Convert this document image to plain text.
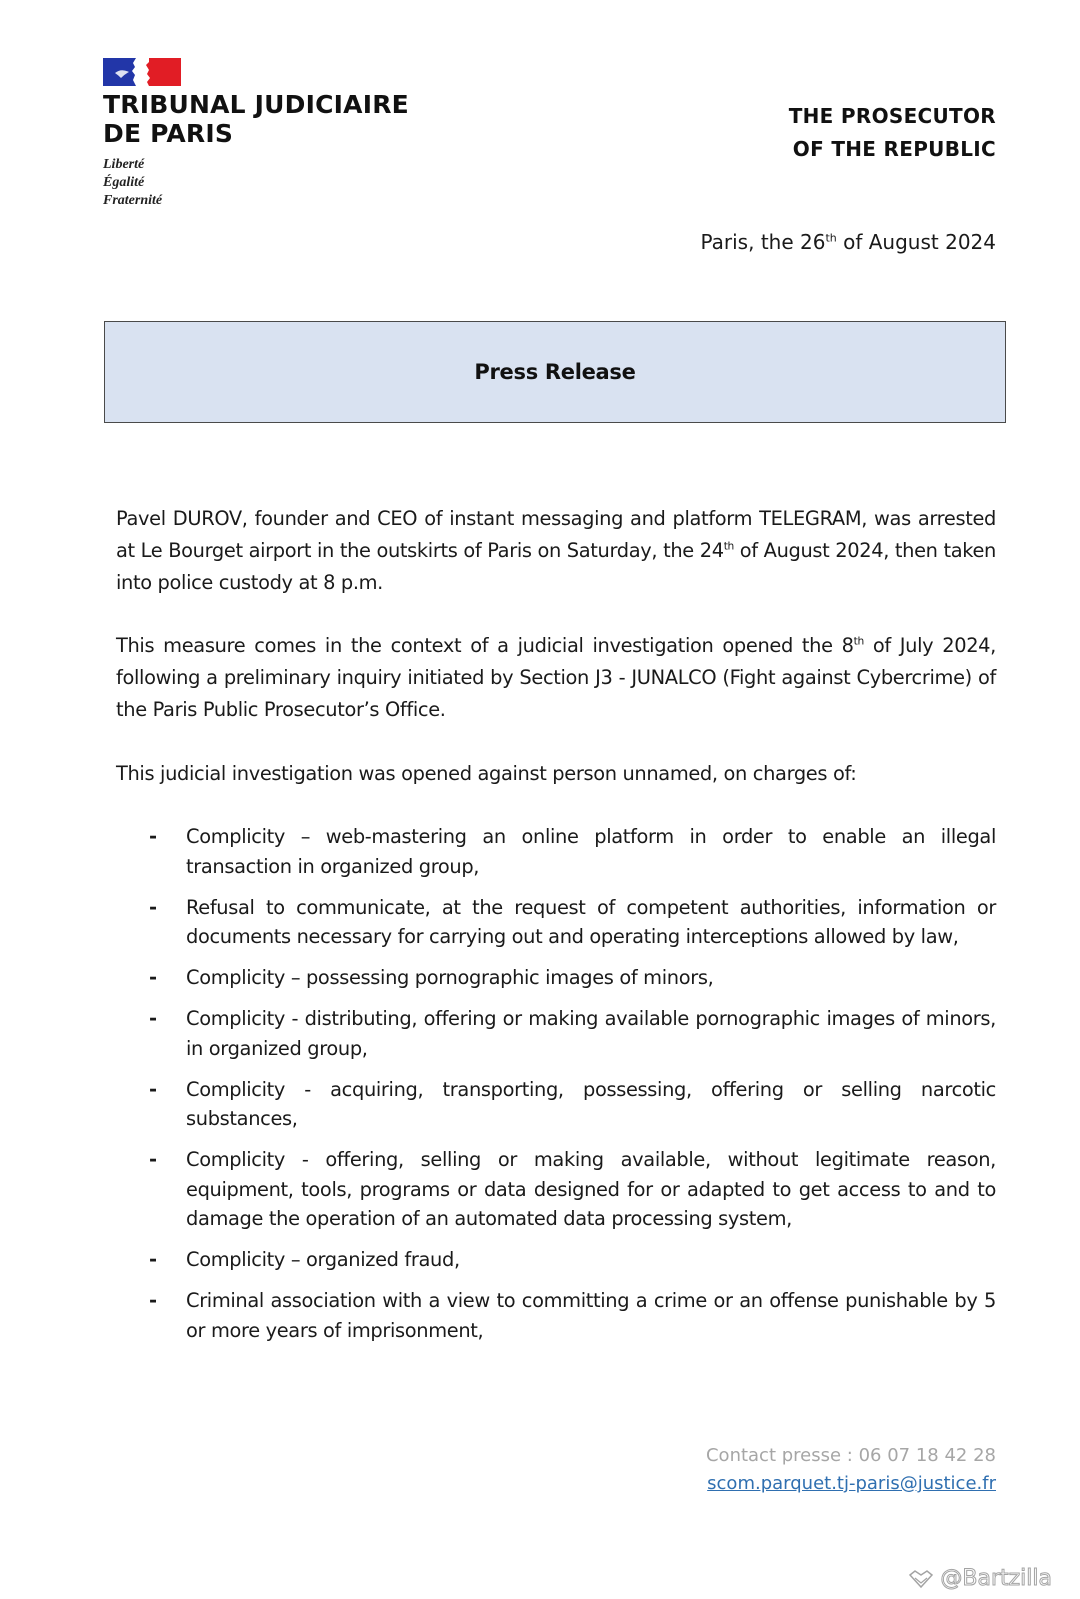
TRIBUNAL JUDICIAIRE
DE PARIS
Liberté
Égalité
Fraternité
THE PROSECUTOR
OF THE REPUBLIC
Paris, the 26th of August 2024
Press Release
Pavel DUROV, founder and CEO of instant messaging and platform TELEGRAM, was arrested at Le Bourget airport in the outskirts of Paris on Saturday, the 24th of August 2024, then taken into police custody at 8 p.m.
This measure comes in the context of a judicial investigation opened the 8th of July 2024, following a preliminary inquiry initiated by Section J3 - JUNALCO (Fight against Cybercrime) of the Paris Public Prosecutor’s Office.
This judicial investigation was opened against person unnamed, on charges of:
- Complicity – web-mastering an online platform in order to enable an illegal transaction in organized group,
- Refusal to communicate, at the request of competent authorities, information or documents necessary for carrying out and operating interceptions allowed by law,
- Complicity – possessing pornographic images of minors,
- Complicity - distributing, offering or making available pornographic images of minors, in organized group,
- Complicity - acquiring, transporting, possessing, offering or selling narcotic substances,
- Complicity - offering, selling or making available, without legitimate reason, equipment, tools, programs or data designed for or adapted to get access to and to damage the operation of an automated data processing system,
- Complicity – organized fraud,
- Criminal association with a view to committing a crime or an offense punishable by 5 or more years of imprisonment,
Contact presse : 06 07 18 42 28
scom.parquet.tj-paris@justice.fr
@Bartzilla
